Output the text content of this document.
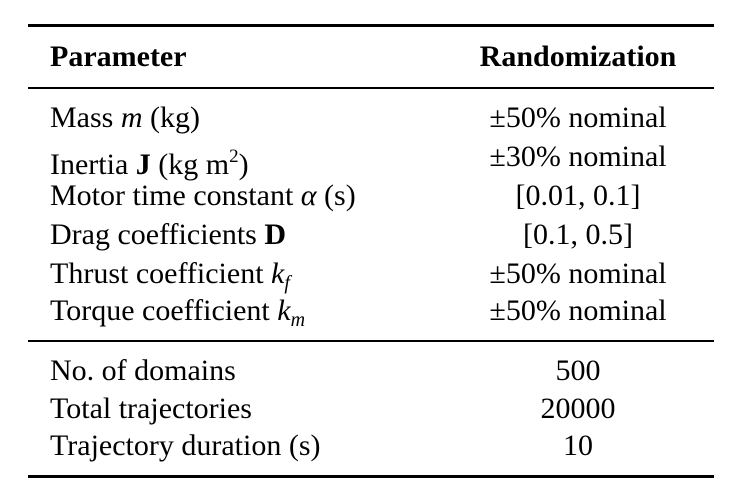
Parameter	Randomization
Mass m (kg)	±50% nominal
Inertia J (kg $m^2$)	±30% nominal
Motor time constant α (s)	[0.01, 0.1]
Drag coefficients D	[0.1, 0.5]
Thrust coefficient $k_f$	±50% nominal
Torque coefficient $k_m$	±50% nominal
No. of domains	500
Total trajectories	20000
Trajectory duration (s)	10
